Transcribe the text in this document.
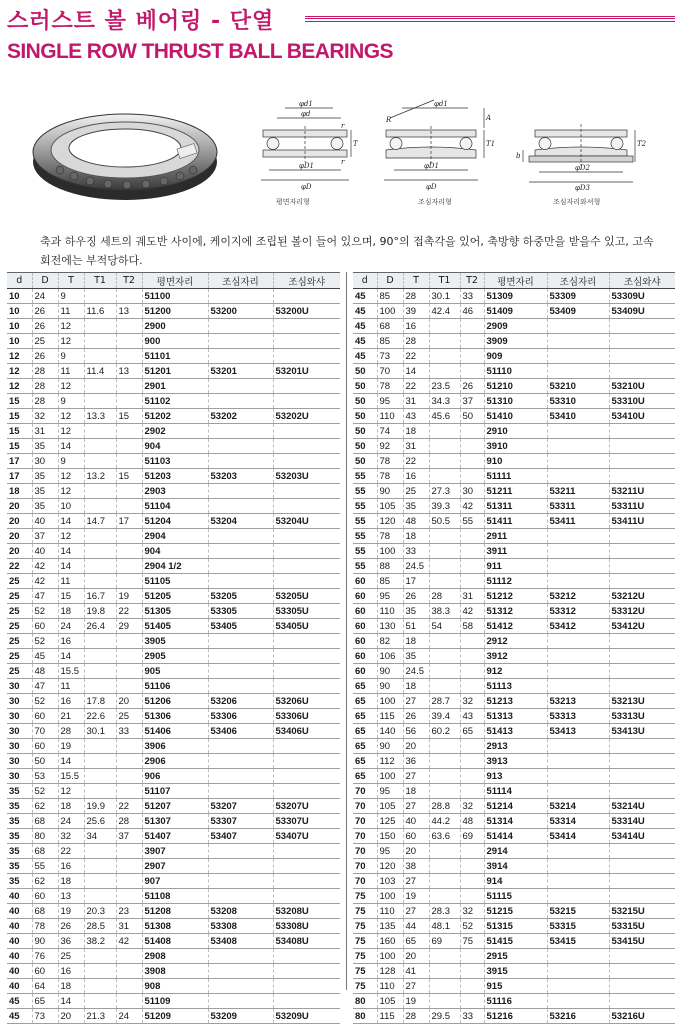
스러스트 볼 베어링 - 단열
SINGLE ROW THRUST BALL BEARINGS
φd1
φd
r
T
r
φD1
φD
평면자리형
φd1
R	A
T1
φD1
φD
조심자리형
T2
b
φD2
φD3
조심자리와셔형
축과 하우징 세트의 궤도반 사이에, 케이지에 조립된 볼이 들어 있으며, 90°의 접촉각을 있어, 축방향 하중만을 받을수 있고, 고속회전에는 부적당하다.
d	D	T	T1	T2	평면자리	조심자리	조심와샤
10	24	9			51100		
10	26	11	11.6	13	51200	53200	53200U
10	26	12			2900		
10	25	12			900		
12	26	9			51101		
12	28	11	11.4	13	51201	53201	53201U
12	28	12			2901		
15	28	9			51102		
15	32	12	13.3	15	51202	53202	53202U
15	31	12			2902		
15	35	14			904		
17	30	9			51103		
17	35	12	13.2	15	51203	53203	53203U
18	35	12			2903		
20	35	10			51104		
20	40	14	14.7	17	51204	53204	53204U
20	37	12			2904		
20	40	14			904		
22	42	14			2904 1/2		
25	42	11			51105		
25	47	15	16.7	19	51205	53205	53205U
25	52	18	19.8	22	51305	53305	53305U
25	60	24	26.4	29	51405	53405	53405U
25	52	16			3905		
25	45	14			2905		
25	48	15.5			905		
30	47	11			51106		
30	52	16	17.8	20	51206	53206	53206U
30	60	21	22.6	25	51306	53306	53306U
30	70	28	30.1	33	51406	53406	53406U
30	60	19			3906		
30	50	14			2906		
30	53	15.5			906		
35	52	12			51107		
35	62	18	19.9	22	51207	53207	53207U
35	68	24	25.6	28	51307	53307	53307U
35	80	32	34	37	51407	53407	53407U
35	68	22			3907		
35	55	16			2907		
35	62	18			907		
40	60	13			51108		
40	68	19	20.3	23	51208	53208	53208U
40	78	26	28.5	31	51308	53308	53308U
40	90	36	38.2	42	51408	53408	53408U
40	76	25			2908		
40	60	16			3908		
40	64	18			908		
45	65	14			51109		
45	73	20	21.3	24	51209	53209	53209U
d	D	T	T1	T2	평면자리	조심자리	조심와샤
45	85	28	30.1	33	51309	53309	53309U
45	100	39	42.4	46	51409	53409	53409U
45	68	16			2909		
45	85	28			3909		
45	73	22			909		
50	70	14			51110		
50	78	22	23.5	26	51210	53210	53210U
50	95	31	34.3	37	51310	53310	53310U
50	110	43	45.6	50	51410	53410	53410U
50	74	18			2910		
50	92	31			3910		
50	78	22			910		
55	78	16			51111		
55	90	25	27.3	30	51211	53211	53211U
55	105	35	39.3	42	51311	53311	53311U
55	120	48	50.5	55	51411	53411	53411U
55	78	18			2911		
55	100	33			3911		
55	88	24.5			911		
60	85	17			51112		
60	95	26	28	31	51212	53212	53212U
60	110	35	38.3	42	51312	53312	53312U
60	130	51	54	58	51412	53412	53412U
60	82	18			2912		
60	106	35			3912		
60	90	24.5			912		
65	90	18			51113		
65	100	27	28.7	32	51213	53213	53213U
65	115	26	39.4	43	51313	53313	53313U
65	140	56	60.2	65	51413	53413	53413U
65	90	20			2913		
65	112	36			3913		
65	100	27			913		
70	95	18			51114		
70	105	27	28.8	32	51214	53214	53214U
70	125	40	44.2	48	51314	53314	53314U
70	150	60	63.6	69	51414	53414	53414U
70	95	20			2914		
70	120	38			3914		
70	103	27			914		
75	100	19			51115		
75	110	27	28.3	32	51215	53215	53215U
75	135	44	48.1	52	51315	53315	53315U
75	160	65	69	75	51415	53415	53415U
75	100	20			2915		
75	128	41			3915		
75	110	27			915		
80	105	19			51116		
80	115	28	29.5	33	51216	53216	53216U
